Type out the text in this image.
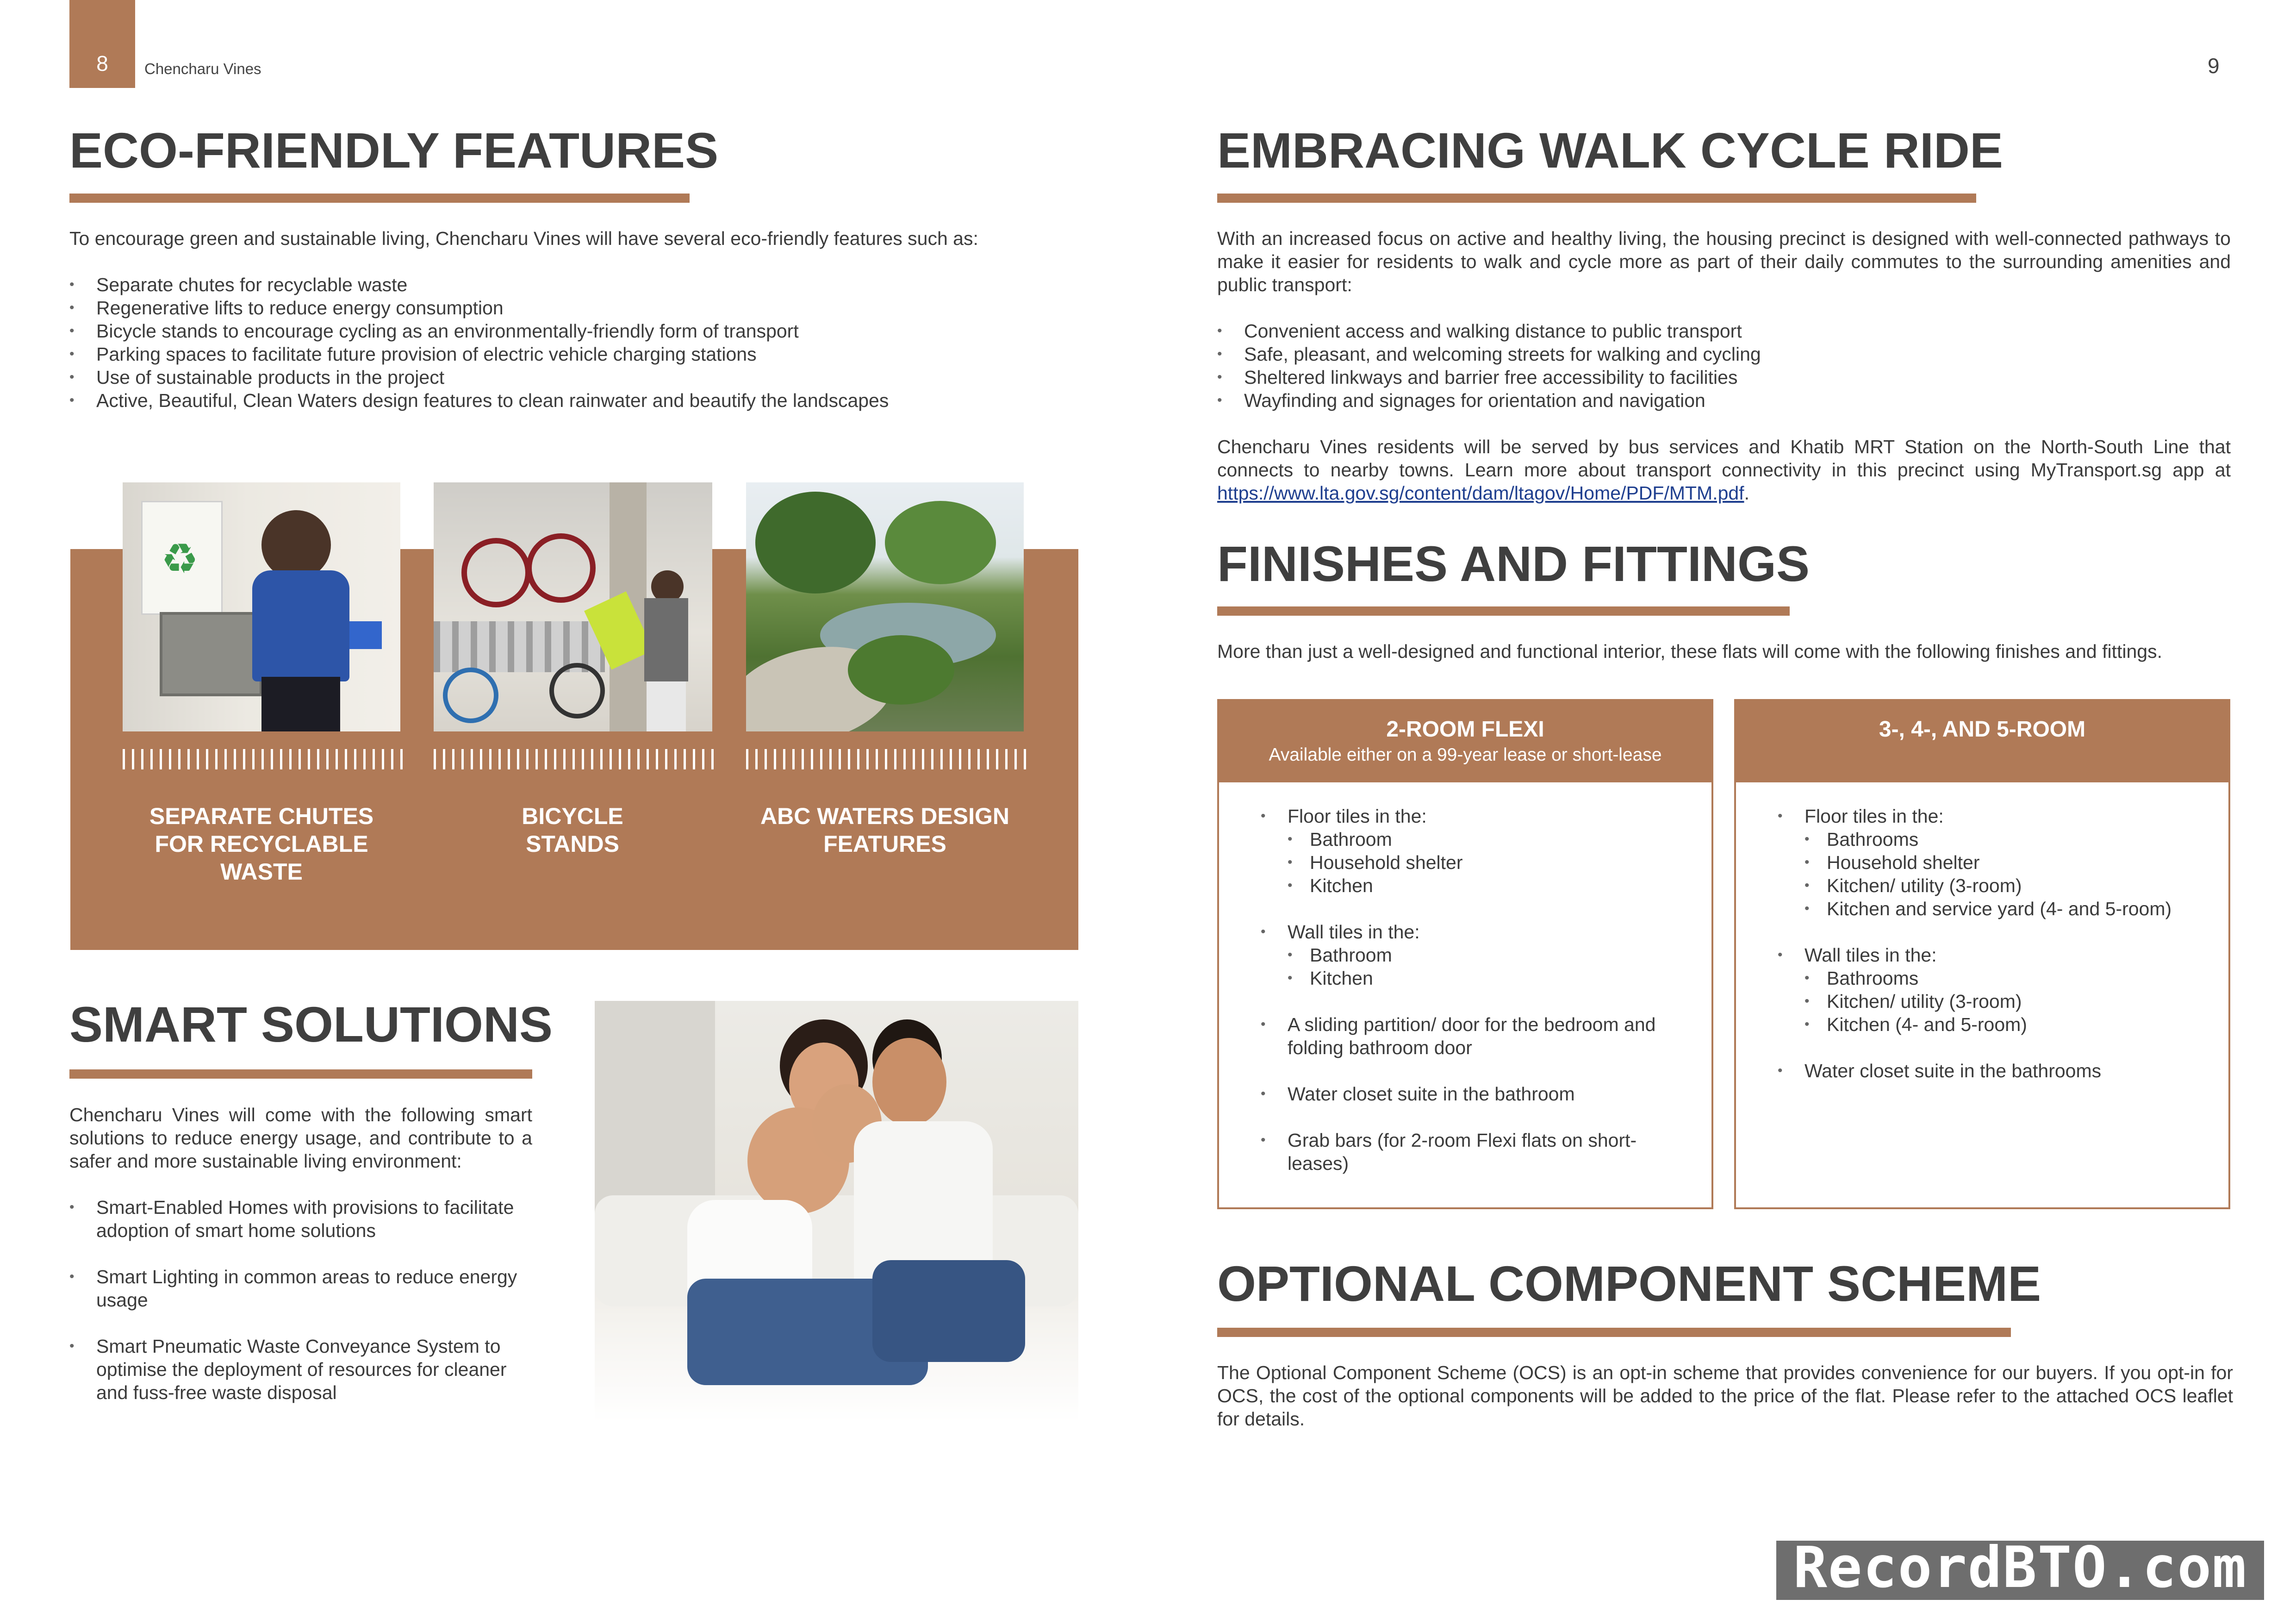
8	Chencharu Vines	9
ECO-FRIENDLY FEATURES

To encourage green and sustainable living, Chencharu Vines will have several eco-friendly features such as:

• Separate chutes for recyclable waste
• Regenerative lifts to reduce energy consumption
• Bicycle stands to encourage cycling as an environmentally-friendly form of transport
• Parking spaces to facilitate future provision of electric vehicle charging stations
• Use of sustainable products in the project
• Active, Beautiful, Clean Waters design features to clean rainwater and beautify the landscapes
♻
SEPARATE CHUTES FOR RECYCLABLE WASTE
BICYCLE STANDS
ABC WATERS DESIGN FEATURES
SMART SOLUTIONS

Chencharu Vines will come with the following smart solutions to reduce energy usage, and contribute to a safer and more sustainable living environment:

• Smart-Enabled Homes with provisions to facilitate adoption of smart home solutions
• Smart Lighting in common areas to reduce energy usage
• Smart Pneumatic Waste Conveyance System to optimise the deployment of resources for cleaner and fuss-free waste disposal
EMBRACING WALK CYCLE RIDE

With an increased focus on active and healthy living, the housing precinct is designed with well-connected pathways to make it easier for residents to walk and cycle more as part of their daily commutes to the surrounding amenities and public transport:

• Convenient access and walking distance to public transport
• Safe, pleasant, and welcoming streets for walking and cycling
• Sheltered linkways and barrier free accessibility to facilities
• Wayfinding and signages for orientation and navigation

Chencharu Vines residents will be served by bus services and Khatib MRT Station on the North-South Line that connects to nearby towns. Learn more about transport connectivity in this precinct using MyTransport.sg app at https://www.lta.gov.sg/content/dam/ltagov/Home/PDF/MTM.pdf.

FINISHES AND FITTINGS

More than just a well-designed and functional interior, these flats will come with the following finishes and fittings.

2-ROOM FLEXI
Available either on a 99-year lease or short-lease
• Floor tiles in the:
• Bathroom
• Household shelter
• Kitchen
• Wall tiles in the:
• Bathroom
• Kitchen
• A sliding partition/ door for the bedroom and folding bathroom door
• Water closet suite in the bathroom
• Grab bars (for 2-room Flexi flats on short-leases)
3-, 4-, AND 5-ROOM
• Floor tiles in the:
• Bathrooms
• Household shelter
• Kitchen/ utility (3-room)
• Kitchen and service yard (4- and 5-room)
• Wall tiles in the:
• Bathrooms
• Kitchen/ utility (3-room)
• Kitchen (4- and 5-room)
• Water closet suite in the bathrooms
OPTIONAL COMPONENT SCHEME

The Optional Component Scheme (OCS) is an opt-in scheme that provides convenience for our buyers. If you opt-in for OCS, the cost of the optional components will be added to the price of the flat. Please refer to the attached OCS leaflet for details.

RecordBTO.com
